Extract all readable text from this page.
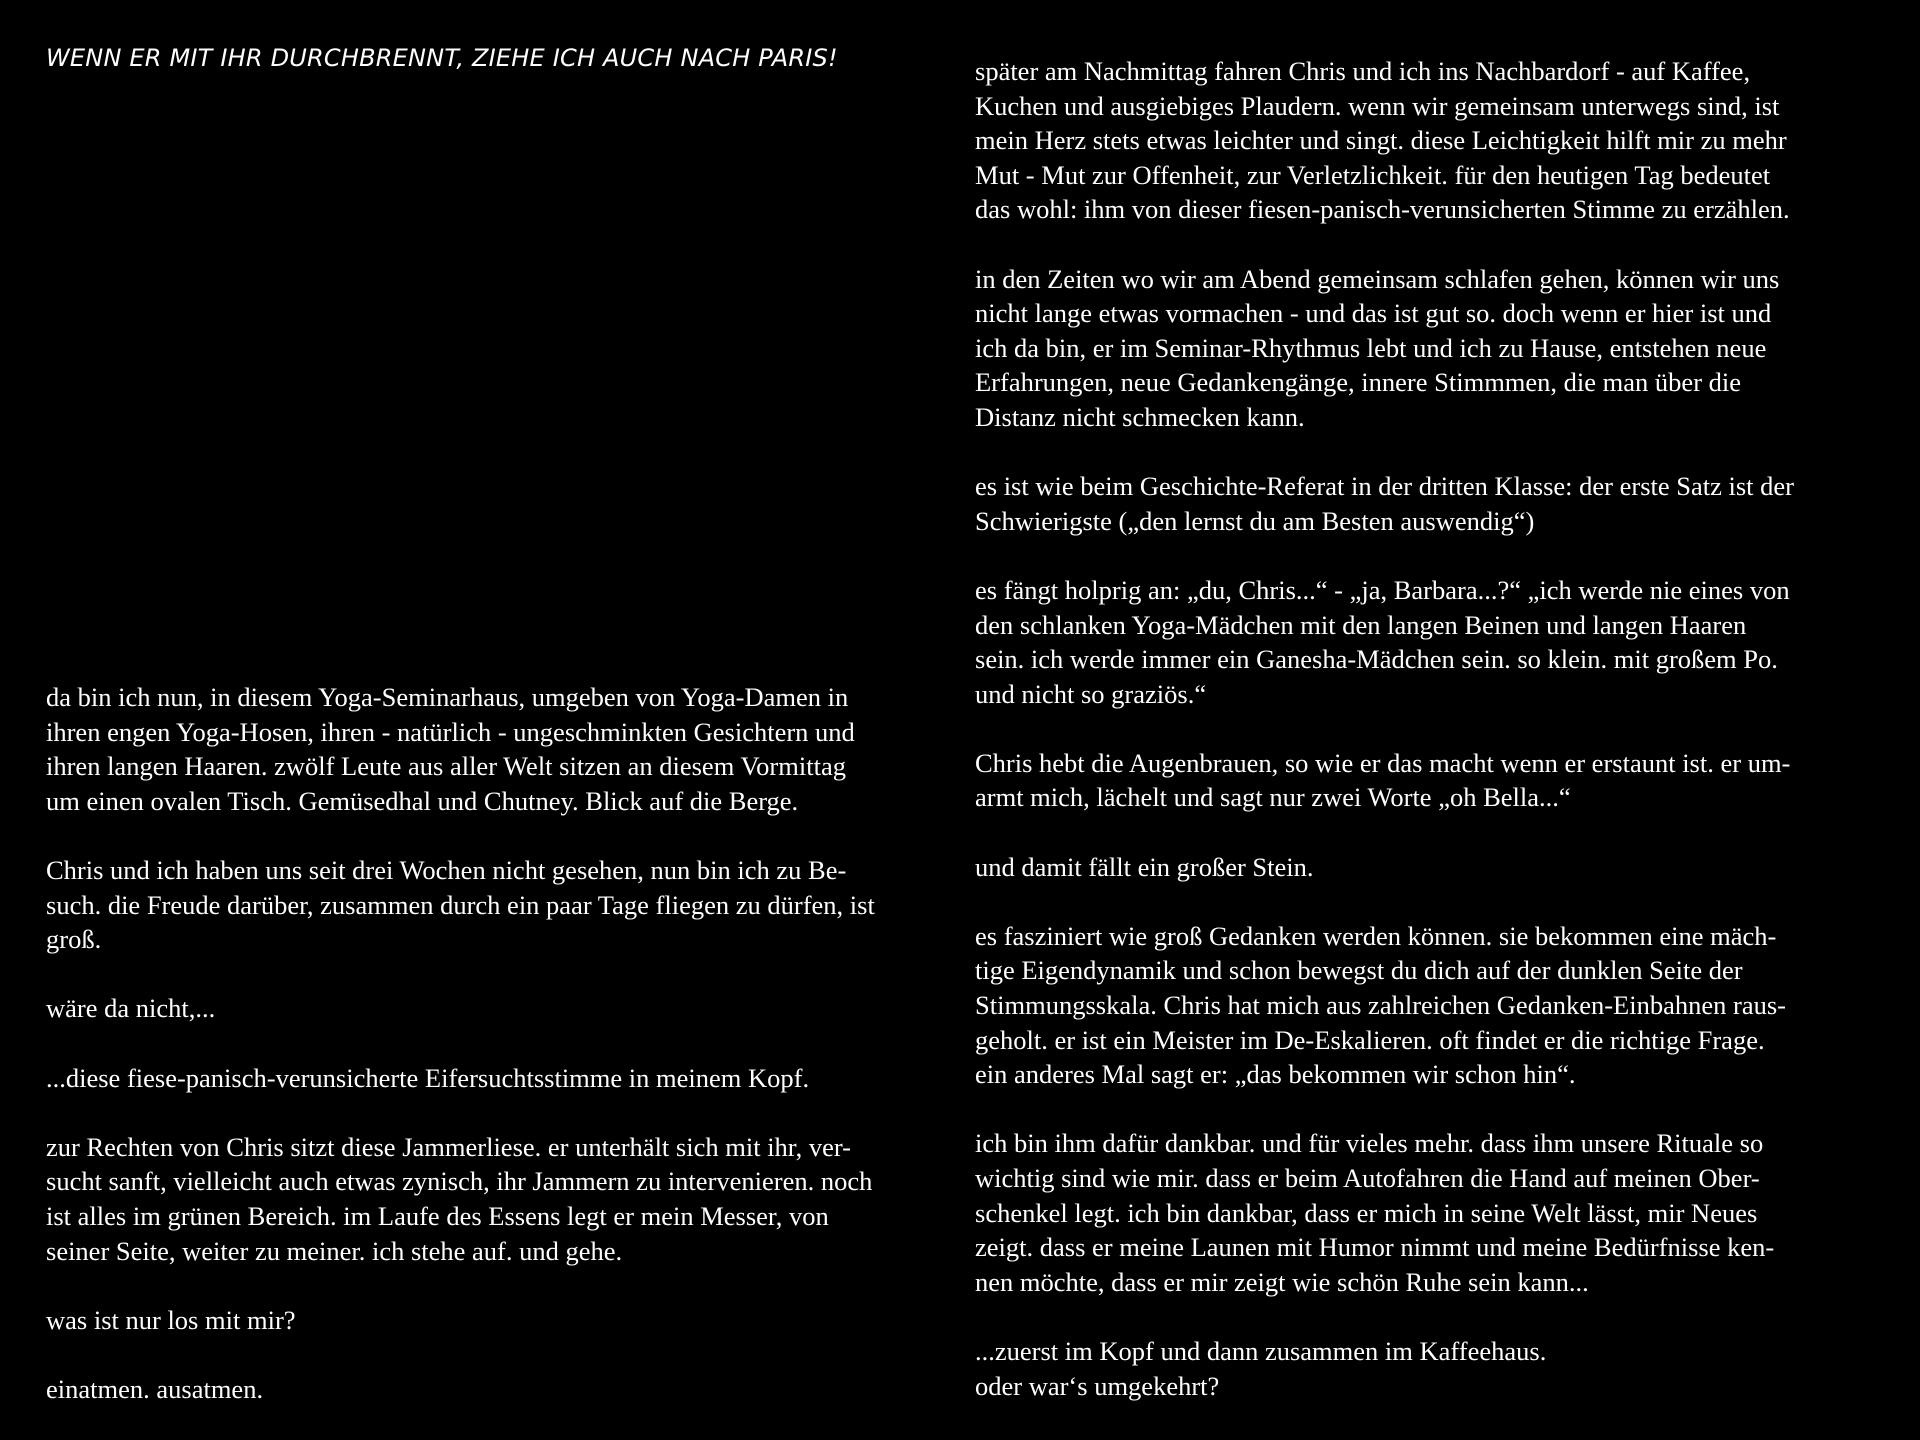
WENN ER MIT IHR DURCHBRENNT, ZIEHE ICH AUCH NACH PARIS!

da bin ich nun, in diesem Yoga-Seminarhaus, umgeben von Yoga-Damen in
ihren engen Yoga-Hosen, ihren - natürlich - ungeschminkten Gesichtern und
ihren langen Haaren. zwölf Leute aus aller Welt sitzen an diesem Vormittag
um einen ovalen Tisch. Gemüsedhal und Chutney. Blick auf die Berge.

Chris und ich haben uns seit drei Wochen nicht gesehen, nun bin ich zu Be-
such. die Freude darüber, zusammen durch ein paar Tage fliegen zu dürfen, ist
groß.

wäre da nicht,...

...diese fiese-panisch-verunsicherte Eifersuchtsstimme in meinem Kopf.

zur Rechten von Chris sitzt diese Jammerliese. er unterhält sich mit ihr, ver-
sucht sanft, vielleicht auch etwas zynisch, ihr Jammern zu intervenieren. noch
ist alles im grünen Bereich. im Laufe des Essens legt er mein Messer, von
seiner Seite, weiter zu meiner. ich stehe auf. und gehe.

was ist nur los mit mir?

einatmen. ausatmen.

später am Nachmittag fahren Chris und ich ins Nachbardorf - auf Kaffee,
Kuchen und ausgiebiges Plaudern. wenn wir gemeinsam unterwegs sind, ist
mein Herz stets etwas leichter und singt. diese Leichtigkeit hilft mir zu mehr
Mut - Mut zur Offenheit, zur Verletzlichkeit. für den heutigen Tag bedeutet
das wohl: ihm von dieser fiesen-panisch-verunsicherten Stimme zu erzählen.

in den Zeiten wo wir am Abend gemeinsam schlafen gehen, können wir uns
nicht lange etwas vormachen - und das ist gut so. doch wenn er hier ist und
ich da bin, er im Seminar-Rhythmus lebt und ich zu Hause, entstehen neue
Erfahrungen, neue Gedankengänge, innere Stimmmen, die man über die
Distanz nicht schmecken kann.

es ist wie beim Geschichte-Referat in der dritten Klasse: der erste Satz ist der
Schwierigste („den lernst du am Besten auswendig“)

es fängt holprig an: „du, Chris...“ - „ja, Barbara...?“ „ich werde nie eines von
den schlanken Yoga-Mädchen mit den langen Beinen und langen Haaren
sein. ich werde immer ein Ganesha-Mädchen sein. so klein. mit großem Po.
und nicht so graziös.“

Chris hebt die Augenbrauen, so wie er das macht wenn er erstaunt ist. er um-
armt mich, lächelt und sagt nur zwei Worte „oh Bella...“

und damit fällt ein großer Stein.

es fasziniert wie groß Gedanken werden können. sie bekommen eine mäch-
tige Eigendynamik und schon bewegst du dich auf der dunklen Seite der
Stimmungsskala. Chris hat mich aus zahlreichen Gedanken-Einbahnen raus-
geholt. er ist ein Meister im De-Eskalieren. oft findet er die richtige Frage.
ein anderes Mal sagt er: „das bekommen wir schon hin“.

ich bin ihm dafür dankbar. und für vieles mehr. dass ihm unsere Rituale so
wichtig sind wie mir. dass er beim Autofahren die Hand auf meinen Ober-
schenkel legt. ich bin dankbar, dass er mich in seine Welt lässt, mir Neues
zeigt. dass er meine Launen mit Humor nimmt und meine Bedürfnisse ken-
nen möchte, dass er mir zeigt wie schön Ruhe sein kann...

...zuerst im Kopf und dann zusammen im Kaffeehaus.
oder war‘s umgekehrt?
